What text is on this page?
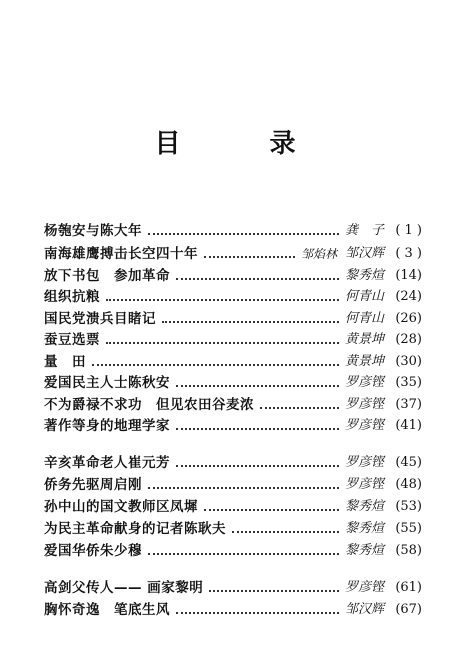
目 录
杨匏安与陈大年	龚　子 ( 1 )
南海雄鹰搏击长空四十年	邹焰林 邹汉辉 ( 3 )
放下书包　参加革命	黎秀煊 (14)
组织抗粮	何青山 (24)
国民党溃兵目睹记	何青山 (26)
蚕豆选票	黄景坤 (28)
量　田	黄景坤 (30)
爱国民主人士陈秋安	罗彦铿 (35)
不为爵禄不求功　但见农田谷麦浓	罗彦铿 (37)
著作等身的地理学家	罗彦铿 (41)
辛亥革命老人崔元芳	罗彦铿 (45)
侨务先驱周启刚	罗彦铿 (48)
孙中山的国文教师区凤墀	黎秀煊 (53)
为民主革命献身的记者陈耿夫	黎秀煊 (55)
爱国华侨朱少穆	黎秀煊 (58)
高剑父传人—— 画家黎明	罗彦铿 (61)
胸怀奇逸　笔底生风	邹汉辉 (67)
